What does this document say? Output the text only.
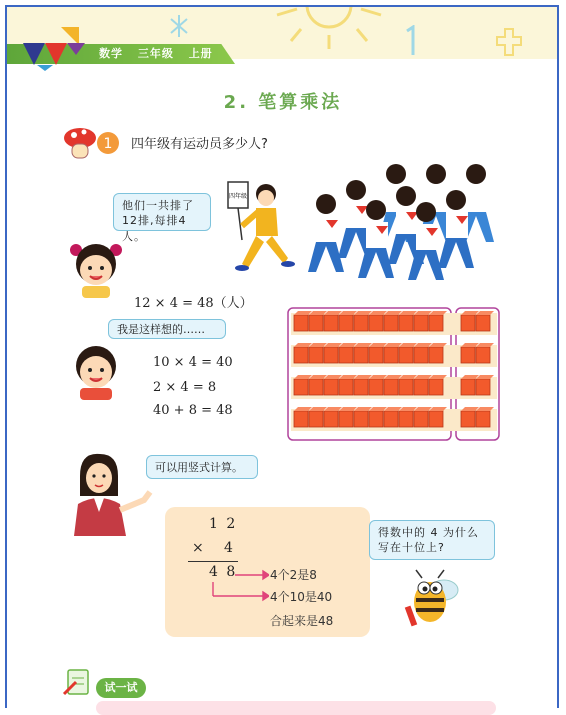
数学 三年级 上册
2. 笔算乘法
1 四年级有运动员多少人?
他们一共排了12排,每排4人。
四年级
12 × 4 = 48（人）
我是这样想的……
10 × 4 = 40
2 × 4 = 8
40 + 8 = 48
可以用竖式计算。
1 2
× 4
4 8	4个2是8
4个10是40
合起来是48
得数中的 4 为什么写在十位上?
试一试
